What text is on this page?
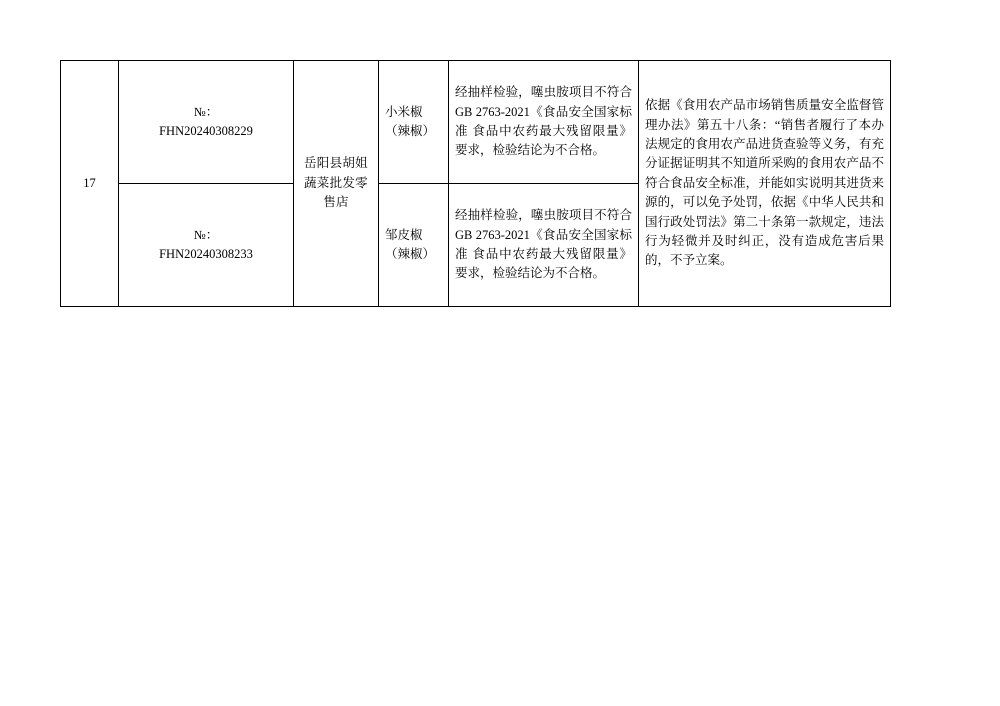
17	№：
FHN20240308229	岳阳县胡姐蔬菜批发零售店	小米椒（辣椒）	经抽样检验，噻虫胺项目不符合GB 2763-2021《食品安全国家标准 食品中农药最大残留限量》要求，检验结论为不合格。	依据《食用农产品市场销售质量安全监督管理办法》第五十八条：“销售者履行了本办法规定的食用农产品进货查验等义务，有充分证据证明其不知道所采购的食用农产品不符合食品安全标准，并能如实说明其进货来源的，可以免予处罚，依据《中华人民共和国行政处罚法》第二十条第一款规定，违法行为轻微并及时纠正，没有造成危害后果的，不予立案。
	№：
FHN20240308233		邹皮椒（辣椒）	经抽样检验，噻虫胺项目不符合GB 2763-2021《食品安全国家标准 食品中农药最大残留限量》要求，检验结论为不合格。	
